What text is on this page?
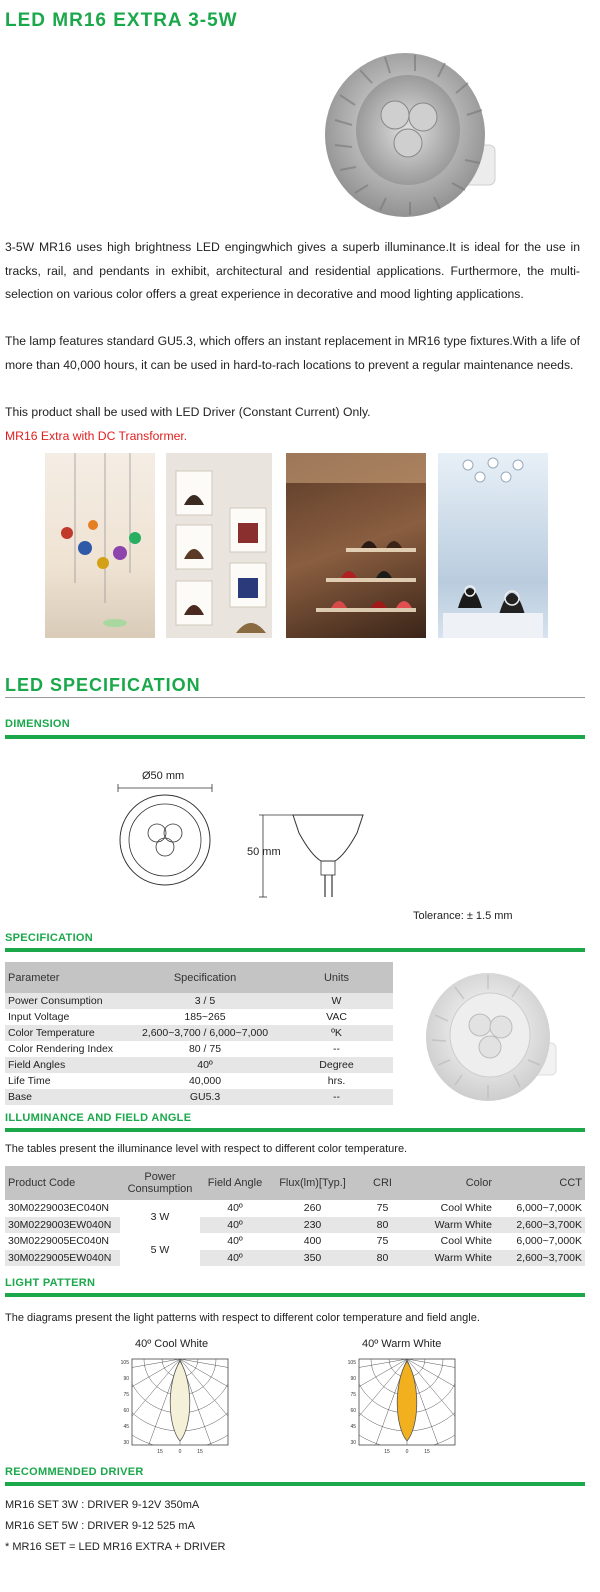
LED MR16 EXTRA 3-5W
3-5W MR16 uses high brightness LED engingwhich gives a superb illuminance.It is ideal for the use in tracks, rail, and pendants in exhibit, architectural and residential applications. Furthermore, the multi-selection on various color offers a great experience in decorative and mood lighting applications.
The lamp features standard GU5.3, which offers an instant replacement in MR16 type fixtures.With a life of more than 40,000 hours, it can be used in hard-to-rach locations to prevent a regular maintenance needs.
This product shall be used with LED Driver (Constant Current) Only.
MR16 Extra with DC Transformer.
LED SPECIFICATION
DIMENSION
Ø50 mm
50 mm
Tolerance: ± 1.5 mm
SPECIFICATION
Parameter	Specification	Units
Power Consumption	3 / 5	W
Input Voltage	185~265	VAC
Color Temperature	2,600~3,700 / 6,000~7,000	ºK
Color Rendering Index	80 / 75	--
Field Angles	40º	Degree
Life Time	40,000	hrs.
Base	GU5.3	--
ILLUMINANCE AND FIELD ANGLE
The tables present the illuminance level with respect to different color temperature.
Product Code	Power Consumption	Field Angle	Flux(lm)[Typ.]	CRI	Color	CCT
30M0229003EC040N	3 W	40º	260	75	Cool White	6,000~7,000K
30M0229003EW040N		40º	230	80	Warm White	2,600~3,700K
30M0229005EC040N	5 W	40º	400	75	Cool White	6,000~7,000K
30M0229005EW040N		40º	350	80	Warm White	2,600~3,700K
LIGHT PATTERN
The diagrams present the light patterns with respect to different color temperature and field angle.
40º Cool White	40º Warm White
105
90
75
60
45
30
15	0	15
105
90
75
60
45
30
15	0	15
RECOMMENDED DRIVER
MR16 SET 3W : DRIVER 9-12V 350mA
MR16 SET 5W : DRIVER 9-12 525 mA
* MR16 SET = LED MR16 EXTRA + DRIVER
